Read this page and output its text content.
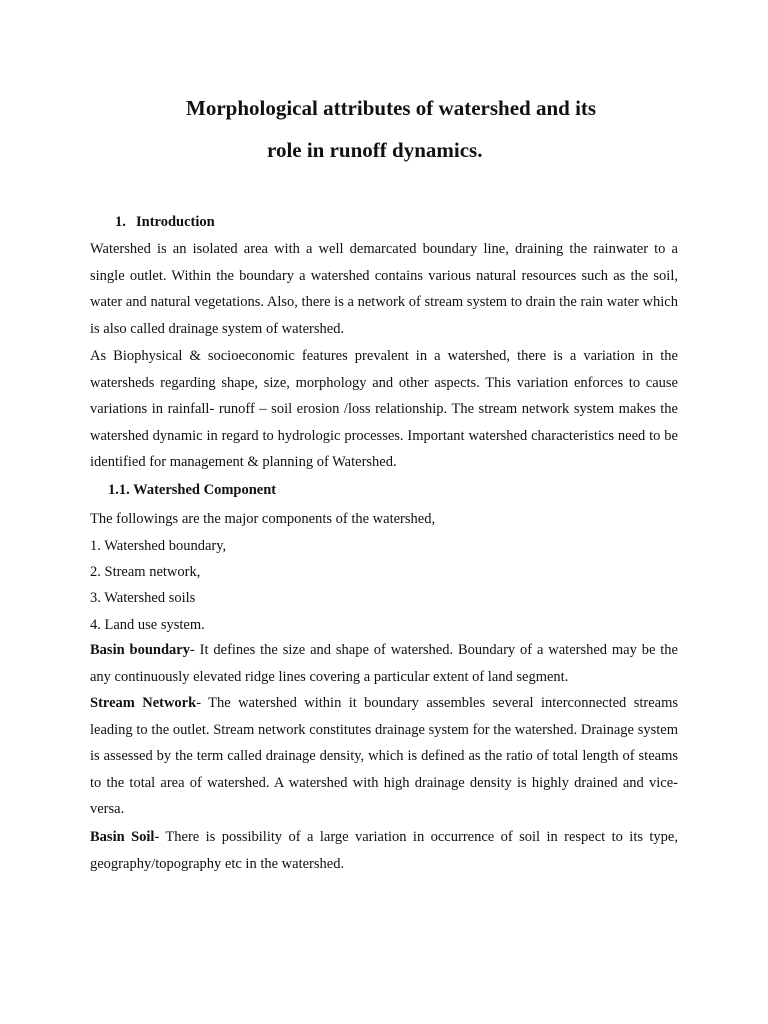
Morphological attributes of watershed and its
role in runoff dynamics.
1. Introduction
Watershed is an isolated area with a well demarcated boundary line, draining the rainwater to a single outlet. Within the boundary a watershed contains various natural resources such as the soil, water and natural vegetations. Also, there is a network of stream system to drain the rain water which is also called drainage system of watershed.
As Biophysical & socioeconomic features prevalent in a watershed, there is a variation in the watersheds regarding shape, size, morphology and other aspects. This variation enforces to cause variations in rainfall- runoff – soil erosion /loss relationship. The stream network system makes the watershed dynamic in regard to hydrologic processes. Important watershed characteristics need to be identified for management & planning of Watershed.
1.1. Watershed Component
The followings are the major components of the watershed,
1. Watershed boundary,
2. Stream network,
3. Watershed soils
4. Land use system.
Basin boundary- It defines the size and shape of watershed. Boundary of a watershed may be the any continuously elevated ridge lines covering a particular extent of land segment.
Stream Network- The watershed within it boundary assembles several interconnected streams leading to the outlet. Stream network constitutes drainage system for the watershed. Drainage system is assessed by the term called drainage density, which is defined as the ratio of total length of steams to the total area of watershed. A watershed with high drainage density is highly drained and vice- versa.
Basin Soil- There is possibility of a large variation in occurrence of soil in respect to its type, geography/topography etc in the watershed.
